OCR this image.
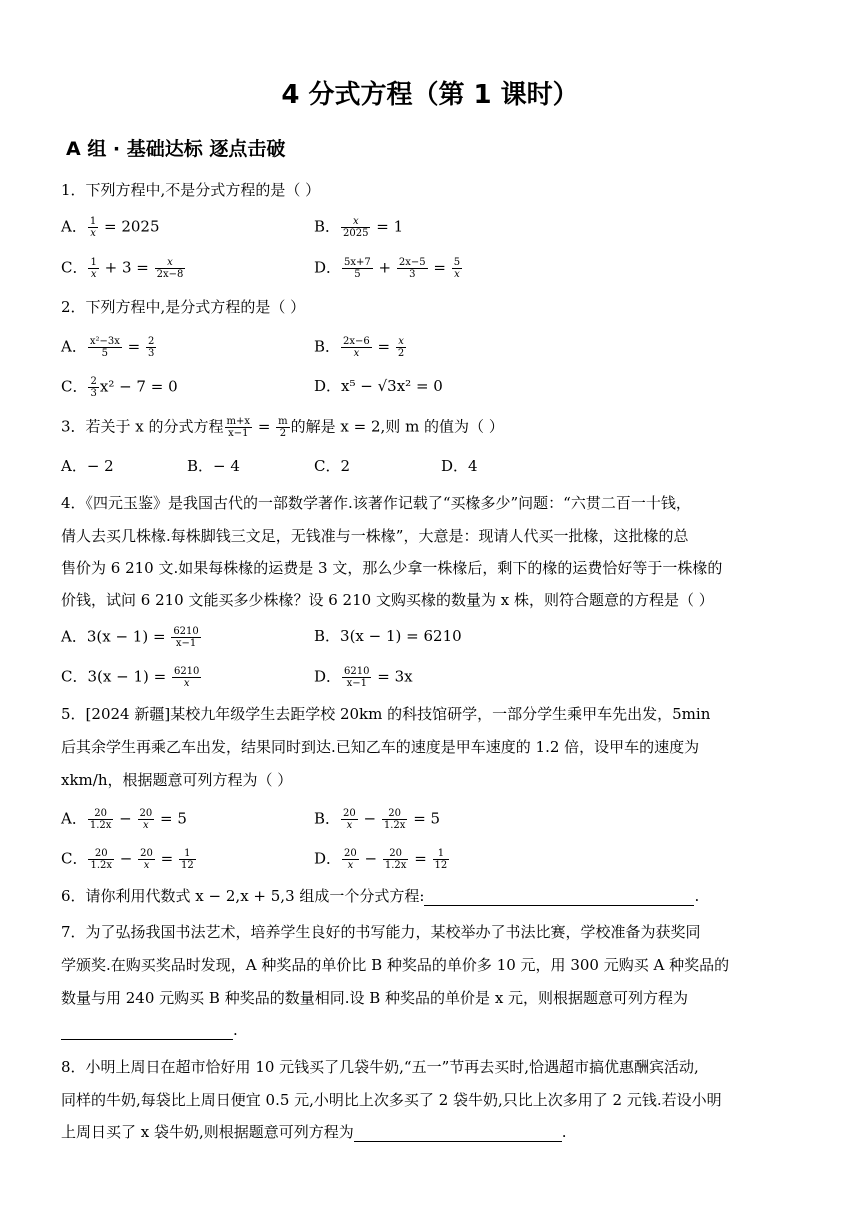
4 分式方程（第 1 课时）
A 组 · 基础达标 逐点击破
1．下列方程中,不是分式方程的是（ ）
A． $\frac{1}{x} = 2025$	B． $\frac{x}{2025} = 1$
C． $\frac{1}{x} + 3 = \frac{x}{2x-8}$	D． $\frac{5x+7}{5} + \frac{2x-5}{3} = \frac{5}{x}$
2．下列方程中,是分式方程的是（ ）
A． $\frac{\text{x²−3x}}{5} = \frac{2}{3}$	B． $\frac{2x-6}{x} = \frac{x}{2}$
C． $\frac{2}{3} x^2 - 7 = 0$	D．x⁵ − √3x² = 0
3．若关于 x 的分式方程 $\frac{m+x}{x-1} = \frac{m}{2}$ 的解是 x = 2,则 m 的值为（ ）
A．− 2	B．− 4	C．2	D．4
4．《四元玉鉴》是我国古代的一部数学著作.该著作记载了“买椽多少”问题：“六贯二百一十钱，
倩人去买几株椽.每株脚钱三文足，无钱准与一株椽”，大意是：现请人代买一批椽，这批椽的总
售价为 6 210 文.如果每株椽的运费是 3 文，那么少拿一株椽后，剩下的椽的运费恰好等于一株椽的
价钱，试问 6 210 文能买多少株椽？设 6 210 文购买椽的数量为 x 株，则符合题意的方程是（ ）
A．$3(x - 1) = \frac{6210}{x-1}$	B．3(x − 1) = 6210
C．$3(x - 1) = \frac{6210}{x}$	D． $\frac{6210}{x-1} = 3x$
5．[2024 新疆]某校九年级学生去距学校 20km 的科技馆研学，一部分学生乘甲车先出发，5min
后其余学生再乘乙车出发，结果同时到达.已知乙车的速度是甲车速度的 1.2 倍，设甲车的速度为
xkm/h，根据题意可列方程为（ ）
A． $\frac{20}{1.2x} - \frac{20}{x} = 5$	B． $\frac{20}{x} - \frac{20}{1.2x} = 5$
C． $\frac{20}{1.2x} - \frac{20}{x} = \frac{1}{12}$	D． $\frac{20}{x} - \frac{20}{1.2x} = \frac{1}{12}$
6．请你利用代数式 x − 2,x + 5,3 组成一个分式方程:	.
7．为了弘扬我国书法艺术，培养学生良好的书写能力，某校举办了书法比赛，学校准备为获奖同
学颁奖.在购买奖品时发现，A 种奖品的单价比 B 种奖品的单价多 10 元，用 300 元购买 A 种奖品的
数量与用 240 元购买 B 种奖品的数量相同.设 B 种奖品的单价是 x 元，则根据题意可列方程为
.
8．小明上周日在超市恰好用 10 元钱买了几袋牛奶,“五一”节再去买时,恰遇超市搞优惠酬宾活动,
同样的牛奶,每袋比上周日便宜 0.5 元,小明比上次多买了 2 袋牛奶,只比上次多用了 2 元钱.若设小明
上周日买了 x 袋牛奶,则根据题意可列方程为	.
